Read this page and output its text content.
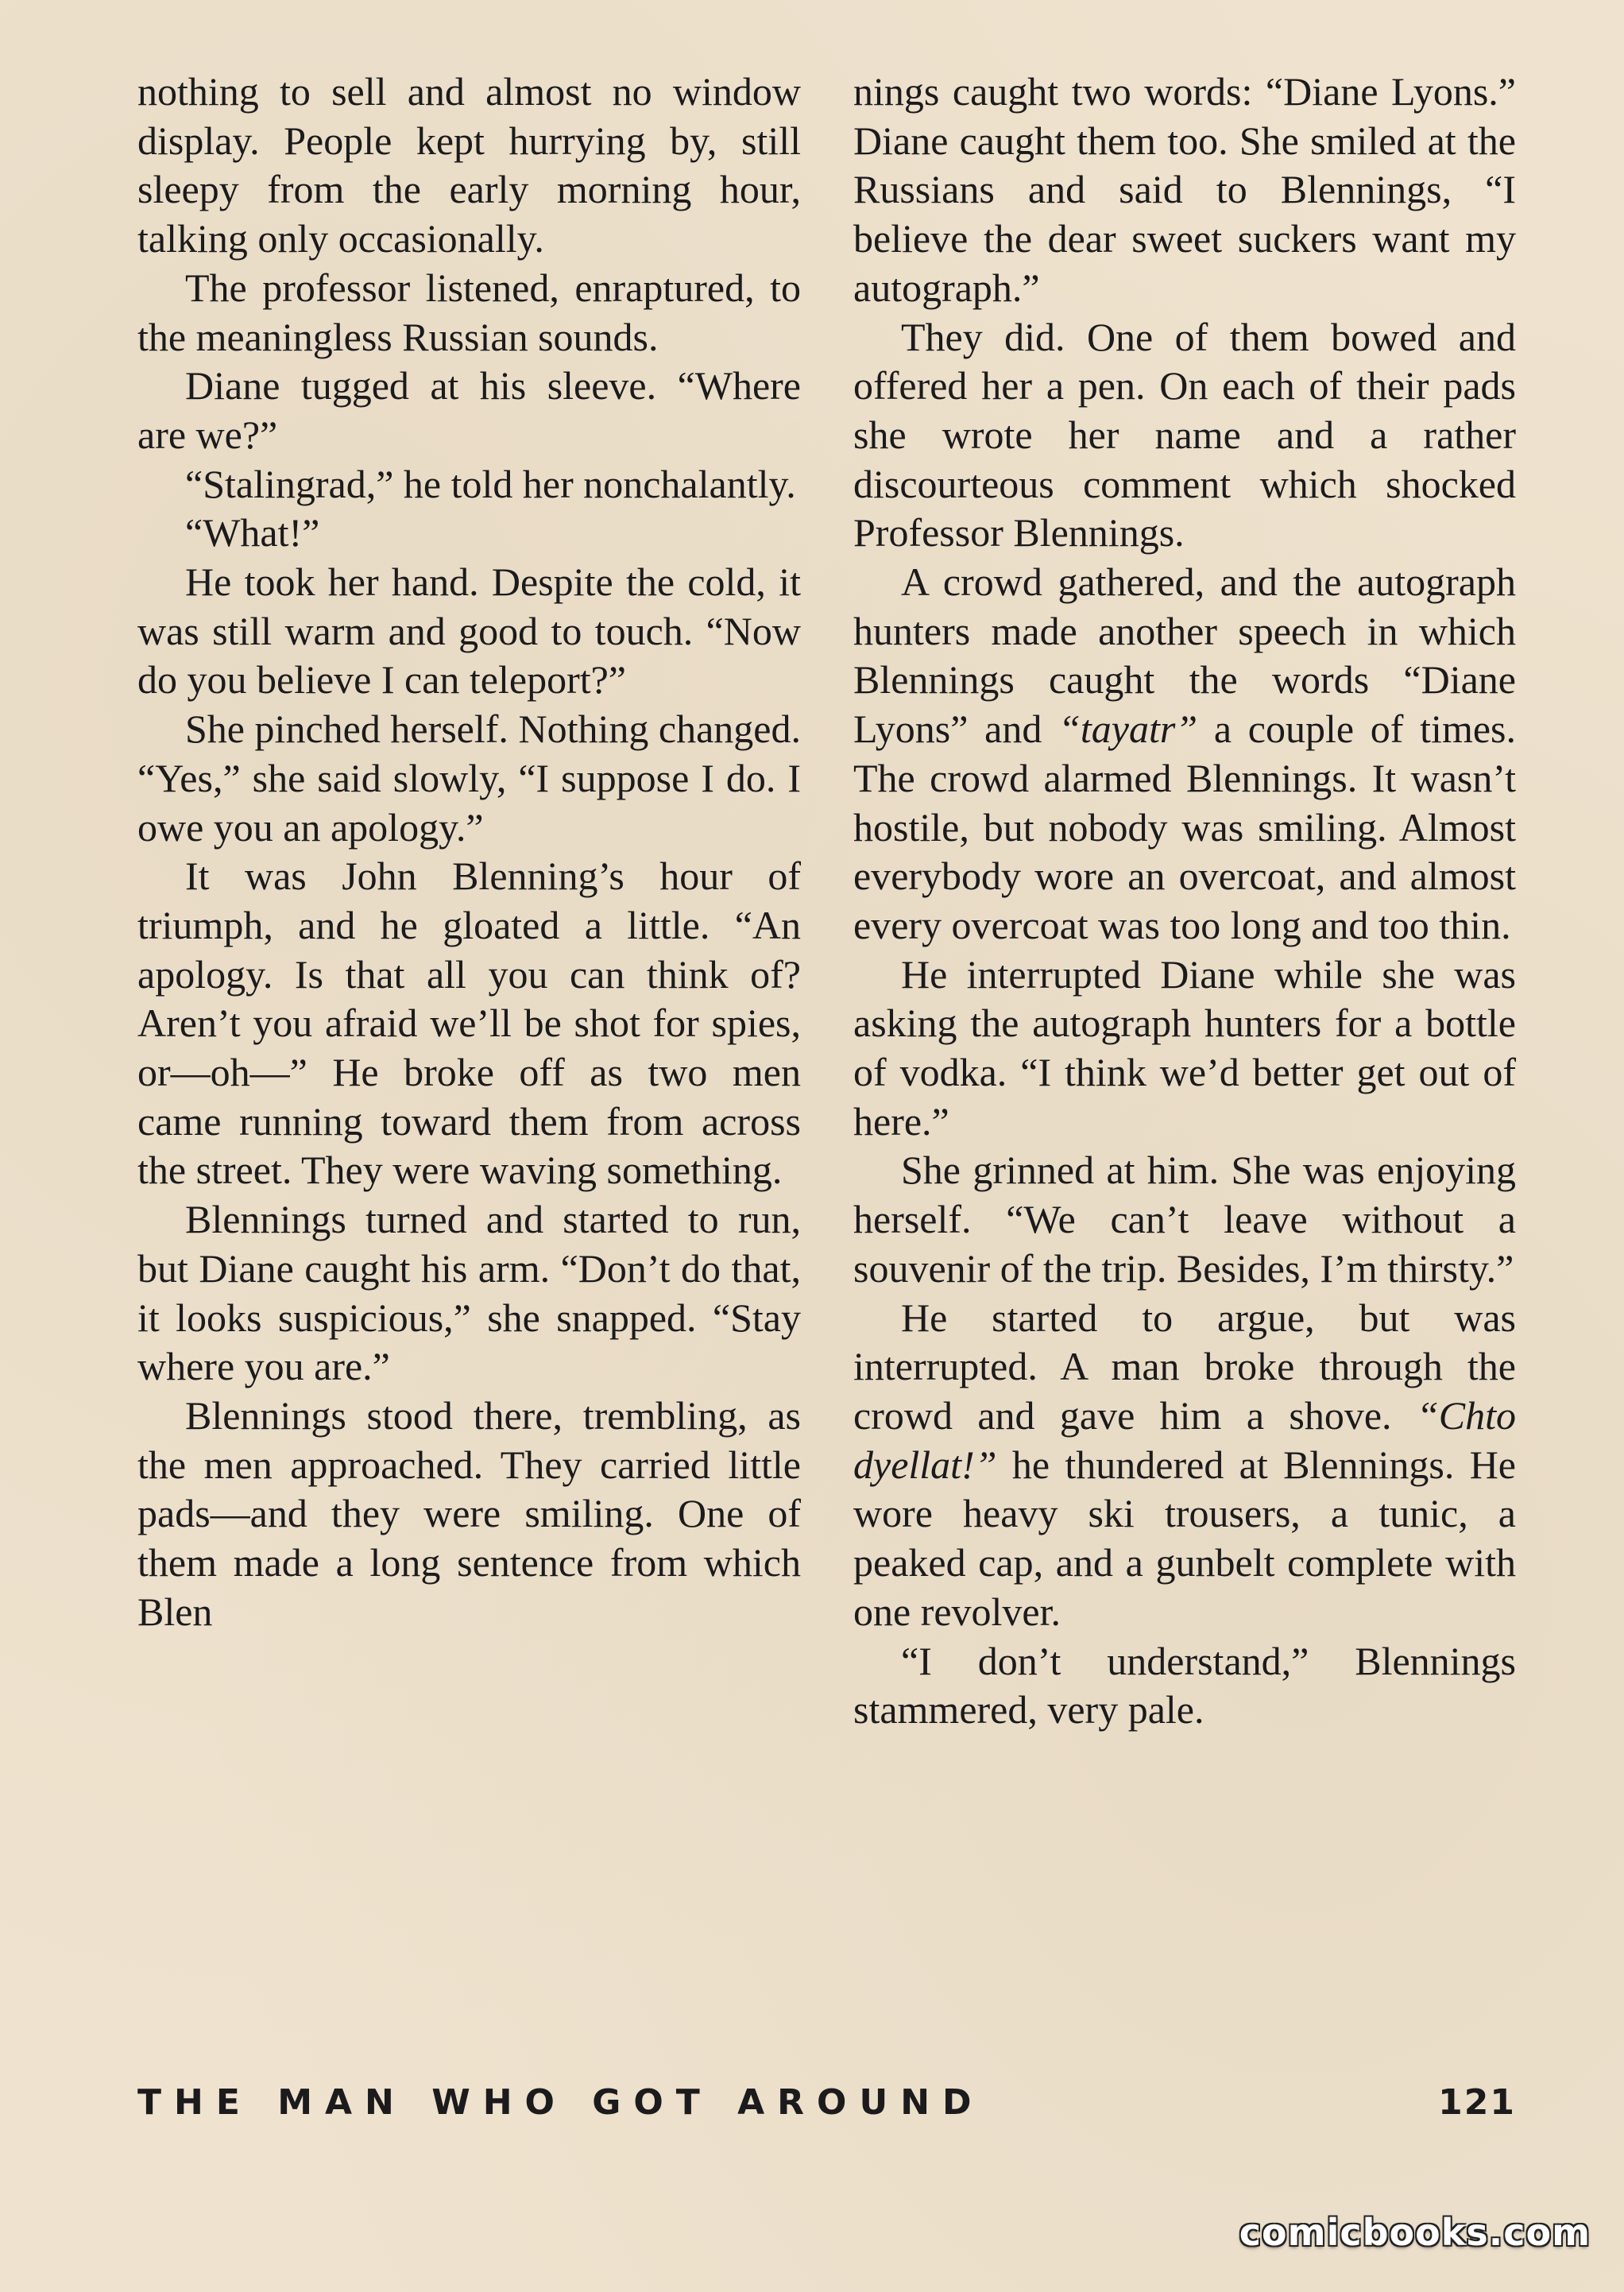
nothing to sell and almost no window display. People kept hurrying by, still sleepy from the early morning hour, talking only occasionally.

The professor listened, enraptured, to the meaningless Russian sounds.

Diane tugged at his sleeve. “Where are we?”

“Stalingrad,” he told her nonchalantly.

“What!”

He took her hand. Despite the cold, it was still warm and good to touch. “Now do you believe I can teleport?”

She pinched herself. Nothing changed. “Yes,” she said slowly, “I suppose I do. I owe you an apology.”

It was John Blenning’s hour of triumph, and he gloated a little. “An apology. Is that all you can think of? Aren’t you afraid we’ll be shot for spies, or—oh—” He broke off as two men came running toward them from across the street. They were waving something.

Blennings turned and started to run, but Diane caught his arm. “Don’t do that, it looks suspicious,” she snapped. “Stay where you are.”

Blennings stood there, trembling, as the men approached. They carried little pads—and they were smiling. One of them made a long sentence from which Blen

nings caught two words: “Diane Lyons.” Diane caught them too. She smiled at the Russians and said to Blennings, “I believe the dear sweet suckers want my autograph.”

They did. One of them bowed and offered her a pen. On each of their pads she wrote her name and a rather discourteous comment which shocked Professor Blennings.

A crowd gathered, and the autograph hunters made another speech in which Blennings caught the words “Diane Lyons” and “tayatr” a couple of times. The crowd alarmed Blennings. It wasn’t hostile, but nobody was smiling. Almost everybody wore an overcoat, and almost every overcoat was too long and too thin.

He interrupted Diane while she was asking the autograph hunters for a bottle of vodka. “I think we’d better get out of here.”

She grinned at him. She was enjoying herself. “We can’t leave without a souvenir of the trip. Besides, I’m thirsty.”

He started to argue, but was interrupted. A man broke through the crowd and gave him a shove. “Chto dyellat!” he thundered at Blennings. He wore heavy ski trousers, a tunic, a peaked cap, and a gunbelt complete with one revolver.

“I don’t understand,” Blennings stammered, very pale.

THE MAN WHO GOT AROUND	121
comicbooks.com
